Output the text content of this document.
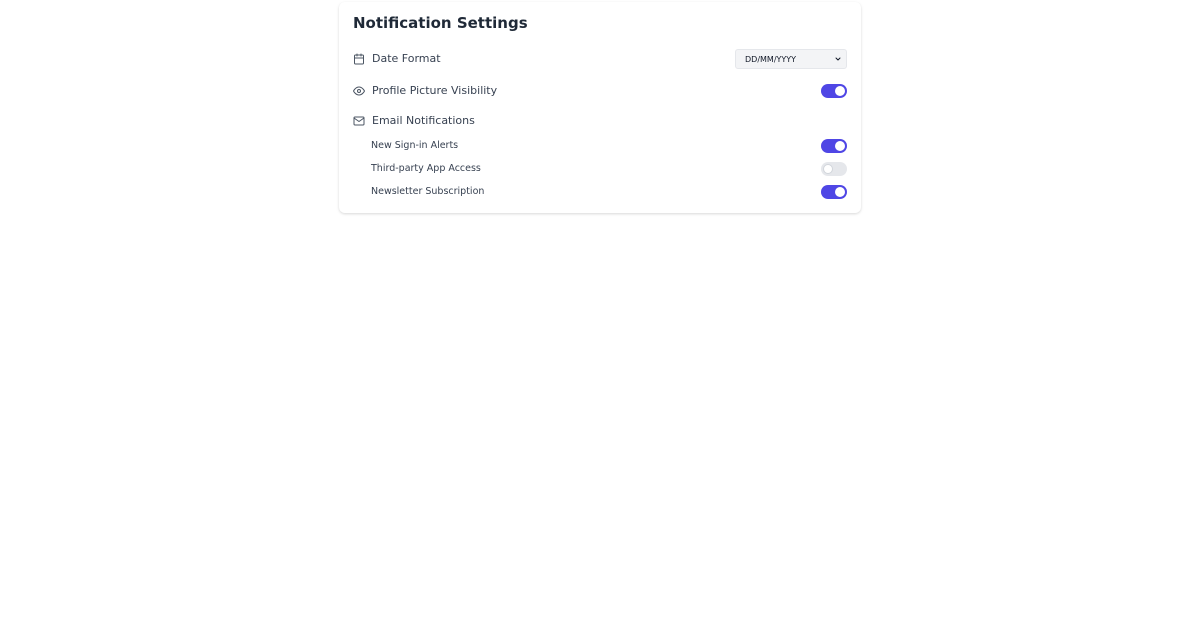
Notification Settings
Date Format	DD/MM/YYYY
Profile Picture Visibility
Email Notifications
New Sign-in Alerts
Third-party App Access
Newsletter Subscription
